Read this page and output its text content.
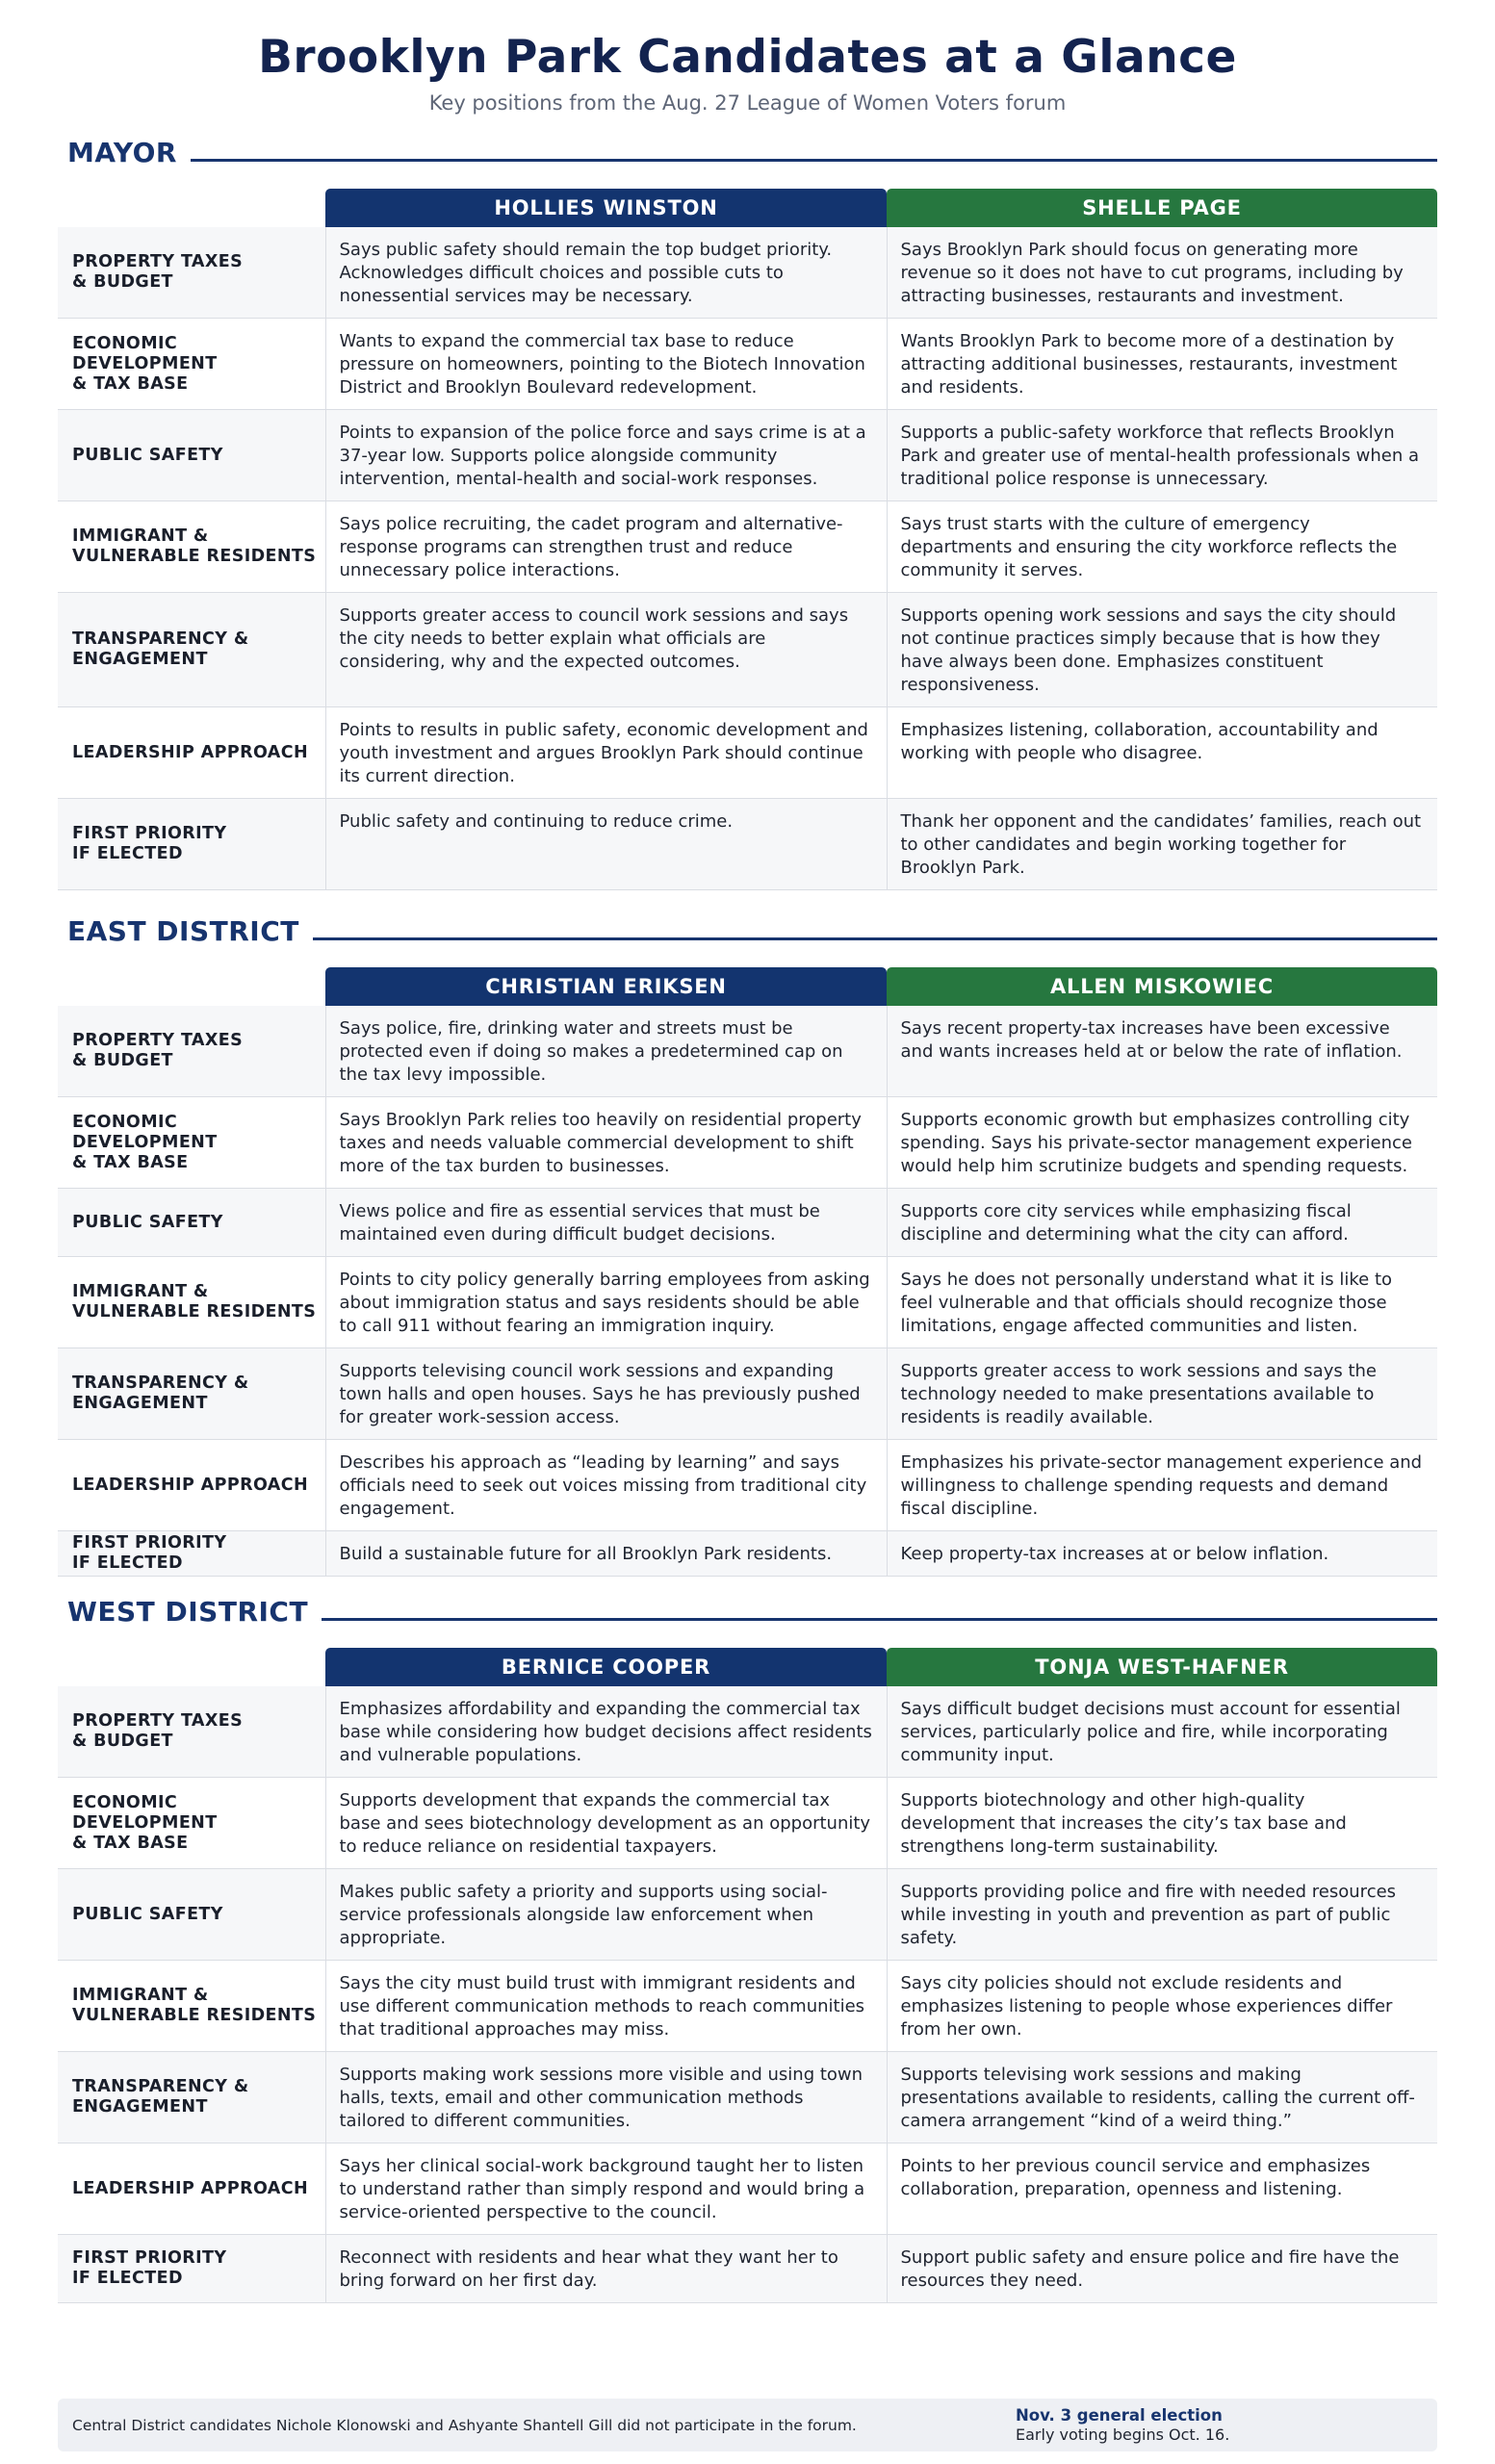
Brooklyn Park Candidates at a Glance
Key positions from the Aug. 27 League of Women Voters forum
MAYOR

	HOLLIES WINSTON	SHELLE PAGE

PROPERTY TAXES
& BUDGET	Says public safety should remain the top budget priority. Acknowledges difficult choices and possible cuts to nonessential services may be necessary.	Says Brooklyn Park should focus on generating more revenue so it does not have to cut programs, including by attracting businesses, restaurants and investment.
ECONOMIC DEVELOPMENT
& TAX BASE	Wants to expand the commercial tax base to reduce pressure on homeowners, pointing to the Biotech Innovation District and Brooklyn Boulevard redevelopment.	Wants Brooklyn Park to become more of a destination by attracting additional businesses, restaurants, investment and residents.
PUBLIC SAFETY	Points to expansion of the police force and says crime is at a 37-year low. Supports police alongside community intervention, mental-health and social-work responses.	Supports a public-safety workforce that reflects Brooklyn Park and greater use of mental-health professionals when a traditional police response is unnecessary.
IMMIGRANT &
VULNERABLE RESIDENTS	Says police recruiting, the cadet program and alternative-response programs can strengthen trust and reduce unnecessary police interactions.	Says trust starts with the culture of emergency departments and ensuring the city workforce reflects the community it serves.
TRANSPARENCY &
ENGAGEMENT	Supports greater access to council work sessions and says the city needs to better explain what officials are considering, why and the expected outcomes.	Supports opening work sessions and says the city should not continue practices simply because that is how they have always been done. Emphasizes constituent responsiveness.
LEADERSHIP APPROACH	Points to results in public safety, economic development and youth investment and argues Brooklyn Park should continue its current direction.	Emphasizes listening, collaboration, accountability and working with people who disagree.
FIRST PRIORITY
IF ELECTED	Public safety and continuing to reduce crime.	Thank her opponent and the candidates’ families, reach out to other candidates and begin working together for Brooklyn Park.
EAST DISTRICT

	CHRISTIAN ERIKSEN	ALLEN MISKOWIEC

PROPERTY TAXES
& BUDGET	Says police, fire, drinking water and streets must be protected even if doing so makes a predetermined cap on the tax levy impossible.	Says recent property-tax increases have been excessive and wants increases held at or below the rate of inflation.
ECONOMIC DEVELOPMENT
& TAX BASE	Says Brooklyn Park relies too heavily on residential property taxes and needs valuable commercial development to shift more of the tax burden to businesses.	Supports economic growth but emphasizes controlling city spending. Says his private-sector management experience would help him scrutinize budgets and spending requests.
PUBLIC SAFETY	Views police and fire as essential services that must be maintained even during difficult budget decisions.	Supports core city services while emphasizing fiscal discipline and determining what the city can afford.
IMMIGRANT &
VULNERABLE RESIDENTS	Points to city policy generally barring employees from asking about immigration status and says residents should be able to call 911 without fearing an immigration inquiry.	Says he does not personally understand what it is like to feel vulnerable and that officials should recognize those limitations, engage affected communities and listen.
TRANSPARENCY &
ENGAGEMENT	Supports televising council work sessions and expanding town halls and open houses. Says he has previously pushed for greater work-session access.	Supports greater access to work sessions and says the technology needed to make presentations available to residents is readily available.
LEADERSHIP APPROACH	Describes his approach as “leading by learning” and says officials need to seek out voices missing from traditional city engagement.	Emphasizes his private-sector management experience and willingness to challenge spending requests and demand fiscal discipline.
FIRST PRIORITY
IF ELECTED	Build a sustainable future for all Brooklyn Park residents.	Keep property-tax increases at or below inflation.
WEST DISTRICT

	BERNICE COOPER	TONJA WEST-HAFNER

PROPERTY TAXES
& BUDGET	Emphasizes affordability and expanding the commercial tax base while considering how budget decisions affect residents and vulnerable populations.	Says difficult budget decisions must account for essential services, particularly police and fire, while incorporating community input.
ECONOMIC DEVELOPMENT
& TAX BASE	Supports development that expands the commercial tax base and sees biotechnology development as an opportunity to reduce reliance on residential taxpayers.	Supports biotechnology and other high-quality development that increases the city’s tax base and strengthens long-term sustainability.
PUBLIC SAFETY	Makes public safety a priority and supports using social-service professionals alongside law enforcement when appropriate.	Supports providing police and fire with needed resources while investing in youth and prevention as part of public safety.
IMMIGRANT &
VULNERABLE RESIDENTS	Says the city must build trust with immigrant residents and use different communication methods to reach communities that traditional approaches may miss.	Says city policies should not exclude residents and emphasizes listening to people whose experiences differ from her own.
TRANSPARENCY &
ENGAGEMENT	Supports making work sessions more visible and using town halls, texts, email and other communication methods tailored to different communities.	Supports televising work sessions and making presentations available to residents, calling the current off-camera arrangement “kind of a weird thing.”
LEADERSHIP APPROACH	Says her clinical social-work background taught her to listen to understand rather than simply respond and would bring a service-oriented perspective to the council.	Points to her previous council service and emphasizes collaboration, preparation, openness and listening.
FIRST PRIORITY
IF ELECTED	Reconnect with residents and hear what they want her to bring forward on her first day.	Support public safety and ensure police and fire have the resources they need.
Central District candidates Nichole Klonowski and Ashyante Shantell Gill did not participate in the forum.
Nov. 3 general election
Early voting begins Oct. 16.
